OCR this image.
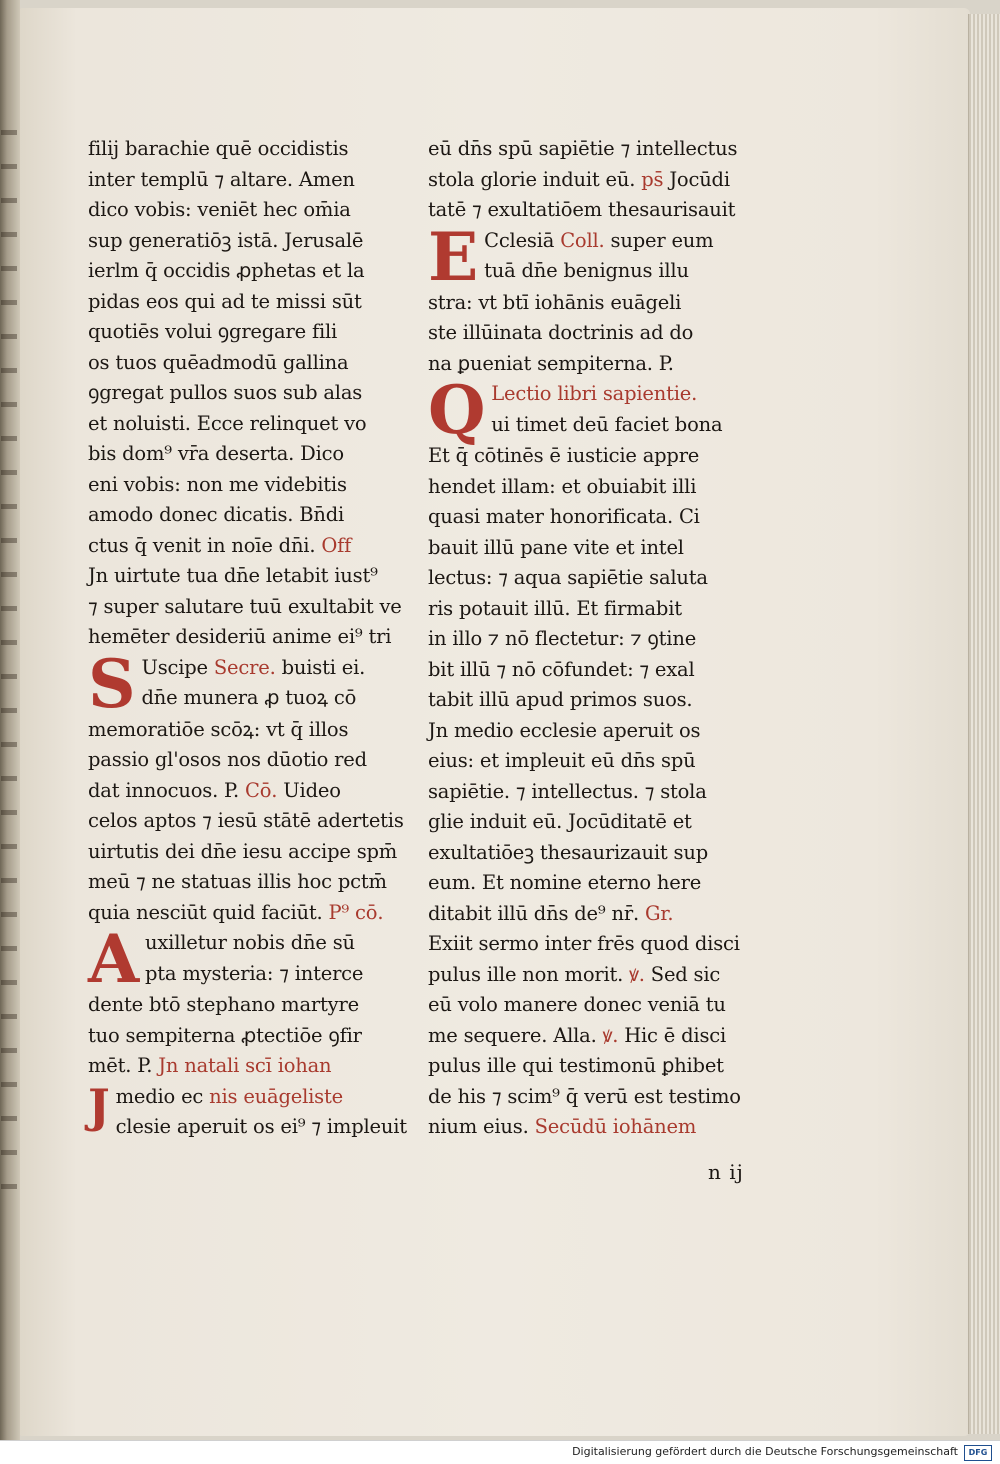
filij barachie quē occidistis
inter templū ⁊ altare. Amen
dico vobis: veniēt hec om̄ia
sup generatiōꝫ istā. Jerusalē
ierlm q̄ occidis ꝓphetas et la
pidas eos qui ad te missi sūt
quotiēs volui ꝯgregare fili
os tuos quēadmodū gallina
ꝯgregat pullos suos sub alas
et noluisti. Ecce relinquet vo
bis dom⁹ vr̄a deserta. Dico
eni vobis: non me videbitis
amodo donec dicatis. Bn̄di
ctus q̄ venit in noīe dn̄i. Off
Jn uirtute tua dn̄e letabit iust⁹
⁊ super salutare tuū exultabit ve
hemēter desideriū anime ei⁹ tri
S Uscipe Secre. buisti ei.
dn̄e munera ꝓ tuoꝝ cō
memoratiōe scōꝝ: vt q̄ illos
passio gl'osos nos dūotio red
dat innocuos. P. Cō. Uideo
celos aptos ⁊ iesū stātē adertetis
uirtutis dei dn̄e iesu accipe spm̄
meū ⁊ ne statuas illis hoc pctm̄
quia nesciūt quid faciūt. P⁹ cō.
A uxilletur nobis dn̄e sū
pta mysteria: ⁊ interce
dente btō stephano martyre
tuo sempiterna ꝓtectiōe ꝯfir
mēt. P. Jn natali scī iohan
J medio ec nis euāgeliste
clesie aperuit os ei⁹ ⁊ impleuit
eū dn̄s spū sapiētie ⁊ intellectus
stola glorie induit eū. ps̄ Jocūdi
tatē ⁊ exultatiōem thesaurisauit
E Cclesiā Coll. super eum
tuā dn̄e benignus illu
stra: vt btī iohānis euāgeli
ste illūinata doctrinis ad do
na ꝑueniat sempiterna. P.
Q Lectio libri sapientie.
ui timet deū faciet bona
Et q̄ cōtinēs ē iusticie appre
hendet illam: et obuiabit illi
quasi mater honorificata. Ci
bauit illū pane vite et intel
lectus: ⁊ aqua sapiētie saluta
ris potauit illū. Et firmabit
in illo ⁊ nō flectetur: ⁊ ꝯtine
bit illū ⁊ nō cōfundet: ⁊ exal
tabit illū apud primos suos.
Jn medio ecclesie aperuit os
eius: et impleuit eū dn̄s spū
sapiētie. ⁊ intellectus. ⁊ stola
glie induit eū. Jocūditatē et
exultatiōeꝫ thesaurizauit sup
eum. Et nomine eterno here
ditabit illū dn̄s de⁹ nr̄. Gr.
Exiit sermo inter frēs quod disci
pulus ille non morit. ꝟ. Sed sic
eū volo manere donec veniā tu
me sequere. Alla. ꝟ. Hic ē disci
pulus ille qui testimonū ꝑhibet
de his ⁊ scim⁹ q̄ verū est testimo
nium eius. Secūdū iohānem
n ij
Digitalisierung gefördert durch die Deutsche Forschungsgemeinschaft	DFG
